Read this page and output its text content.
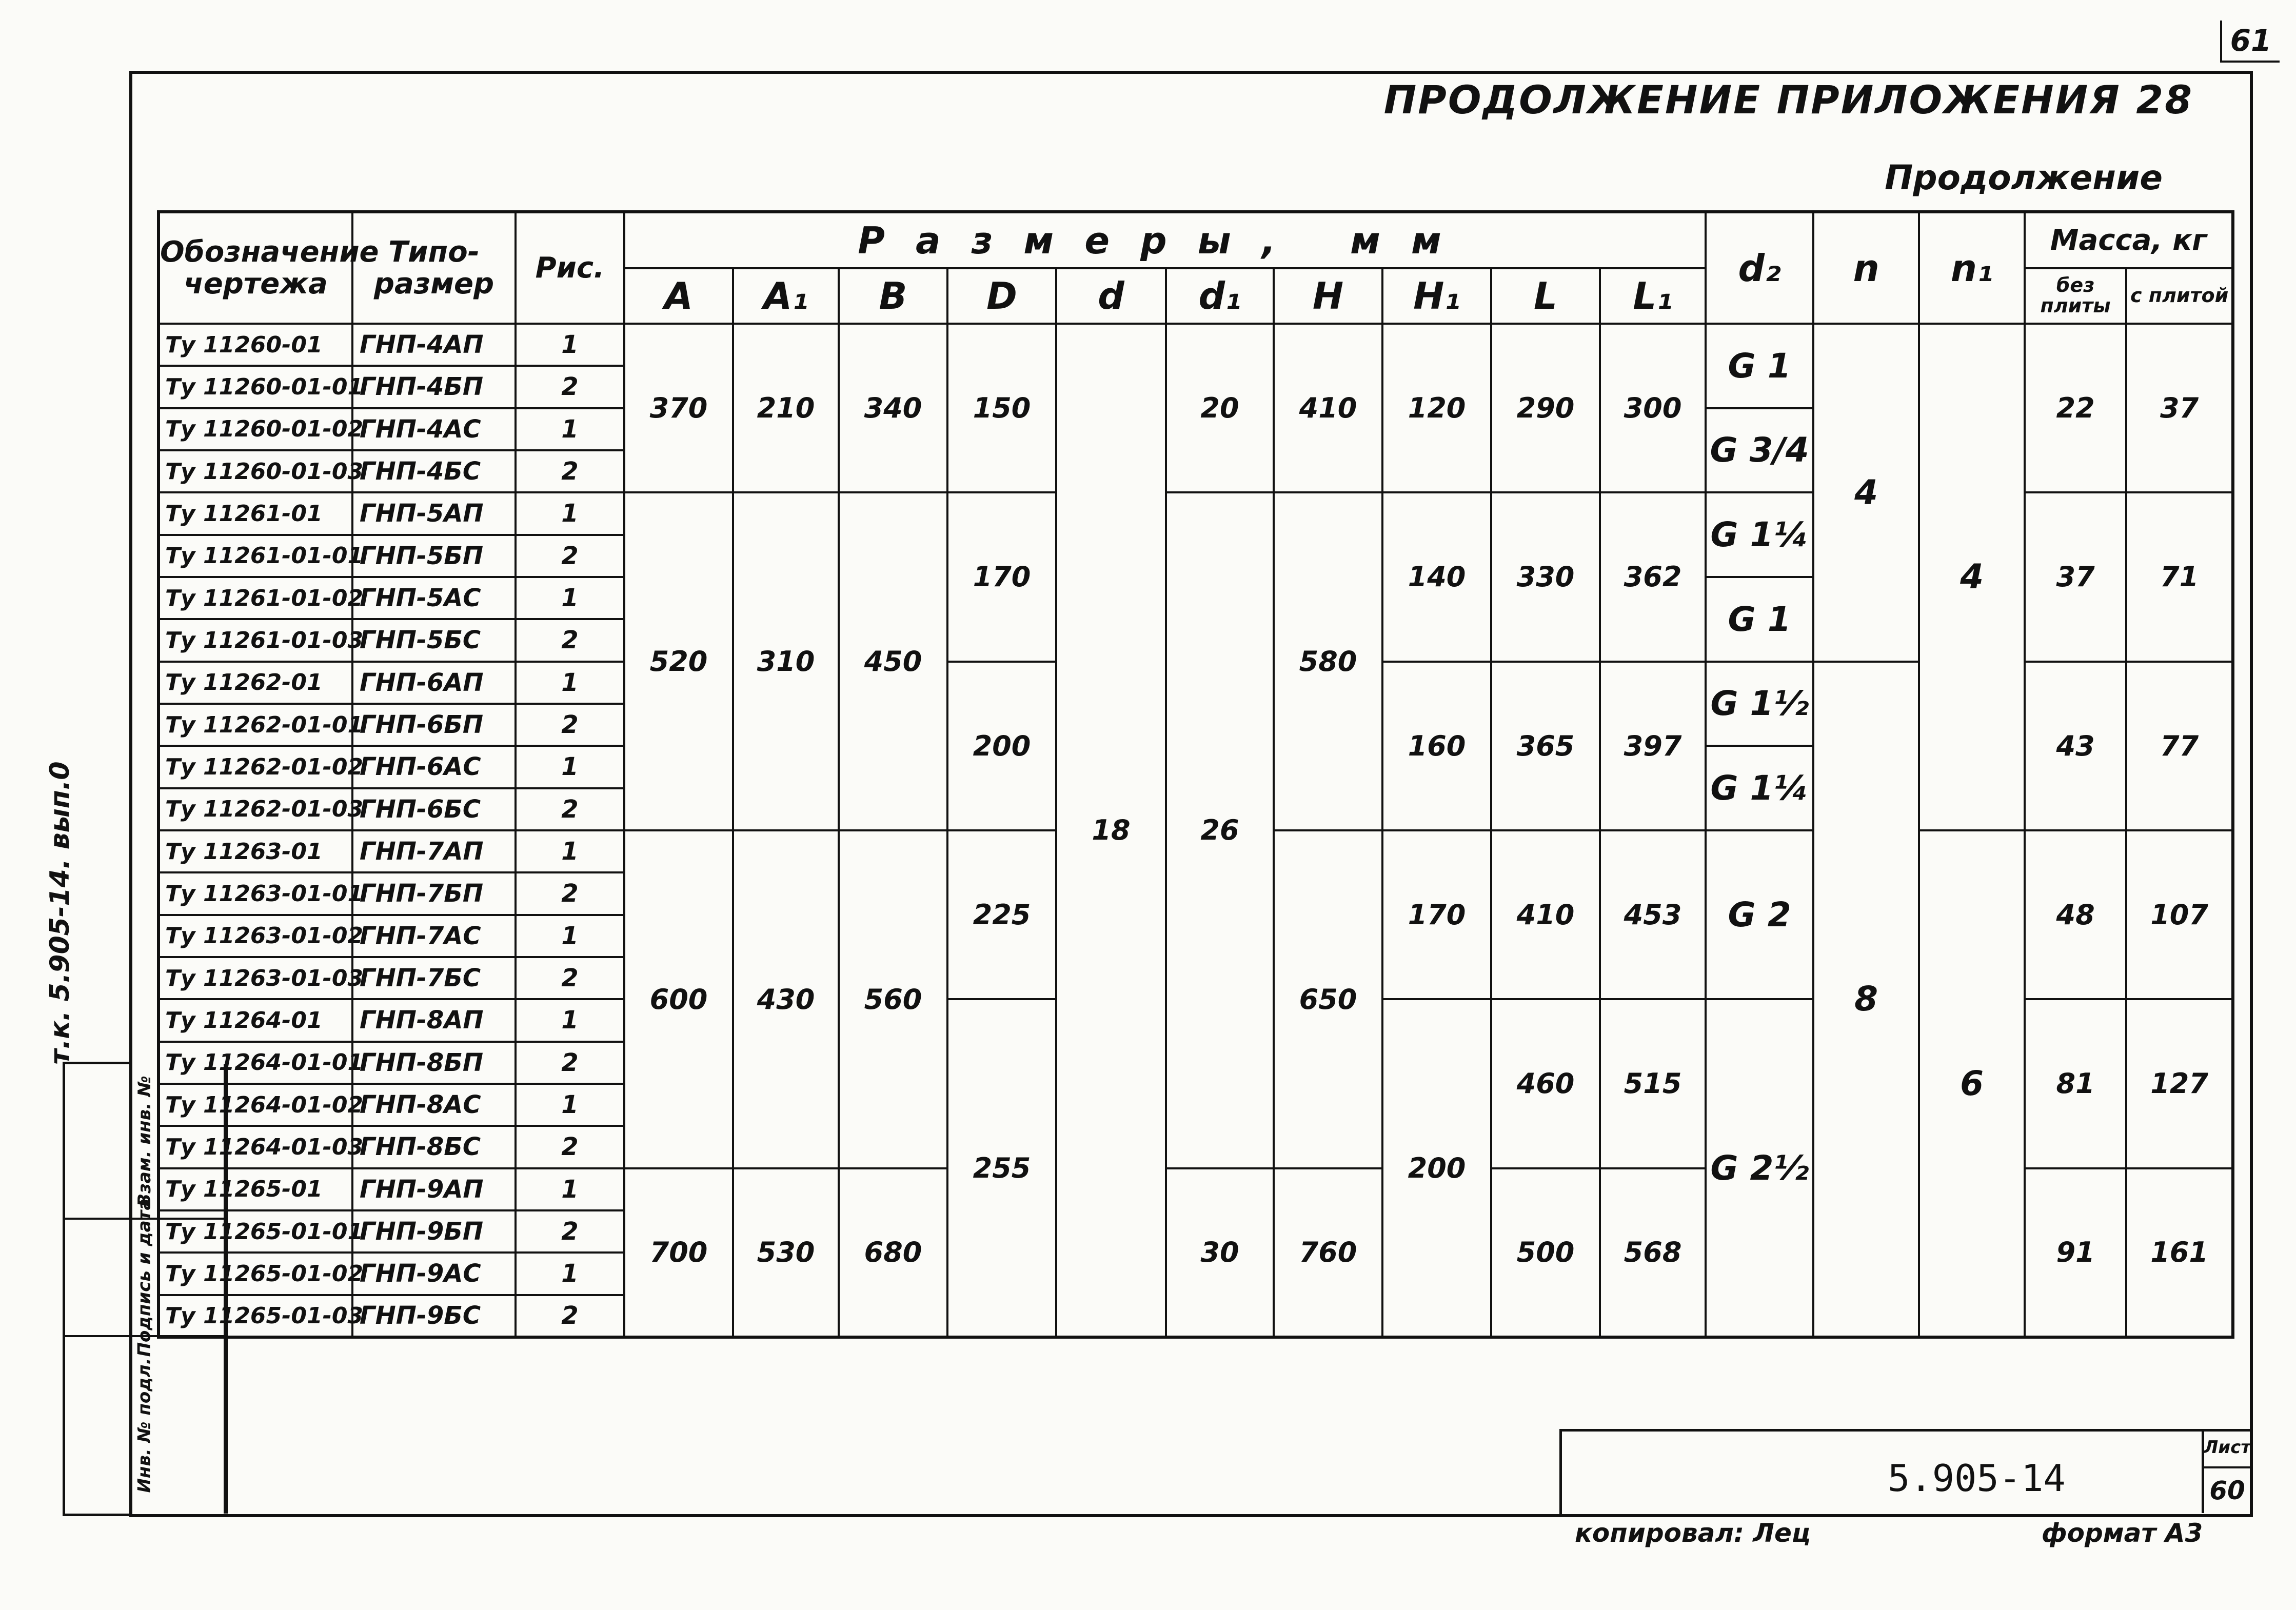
61
т.к. 5.905-14. вып.0
Взам. инв. №
Подпись и дата
Инв. № подл.
ПРОДОЛЖЕНИЕ ПРИЛОЖЕНИЯ 28
Продолжение
Обозначение чертежа	Типо-размер	Рис.	Размеры, мм										d₂	n	n₁	Масса, кг	
			A	A₁	B	D	d	d₁	H	H₁	L	L₁				без плиты	с плитой
Ту 11260-01	ГНП-4АП	1	370	210	340	150	18	20	410	120	290	300	G 1	4	4	22	37
Ту 11260-01-01	ГНП-4БП	2															
Ту 11260-01-02	ГНП-4АС	1											G 3/4				
Ту 11260-01-03	ГНП-4БС	2															
Ту 11261-01	ГНП-5АП	1	520	310	450	170		26	580	140	330	362	G 1¼			37	71
Ту 11261-01-01	ГНП-5БП	2															
Ту 11261-01-02	ГНП-5АС	1											G 1				
Ту 11261-01-03	ГНП-5БС	2															
Ту 11262-01	ГНП-6АП	1				200				160	365	397	G 1½	8		43	77
Ту 11262-01-01	ГНП-6БП	2															
Ту 11262-01-02	ГНП-6АС	1											G 1¼				
Ту 11262-01-03	ГНП-6БС	2															
Ту 11263-01	ГНП-7АП	1	600	430	560	225			650	170	410	453	G 2		6	48	107
Ту 11263-01-01	ГНП-7БП	2															
Ту 11263-01-02	ГНП-7АС	1															
Ту 11263-01-03	ГНП-7БС	2															
Ту 11264-01	ГНП-8АП	1				255				200	460	515	G 2½			81	127
Ту 11264-01-01	ГНП-8БП	2															
Ту 11264-01-02	ГНП-8АС	1															
Ту 11264-01-03	ГНП-8БС	2															
Ту 11265-01	ГНП-9АП	1	700	530	680			30	760		500	568				91	161
Ту 11265-01-01	ГНП-9БП	2															
Ту 11265-01-02	ГНП-9АС	1															
Ту 11265-01-03	ГНП-9БС	2															
5.905-14
Лист
60
копировал: Лец	формат А3
